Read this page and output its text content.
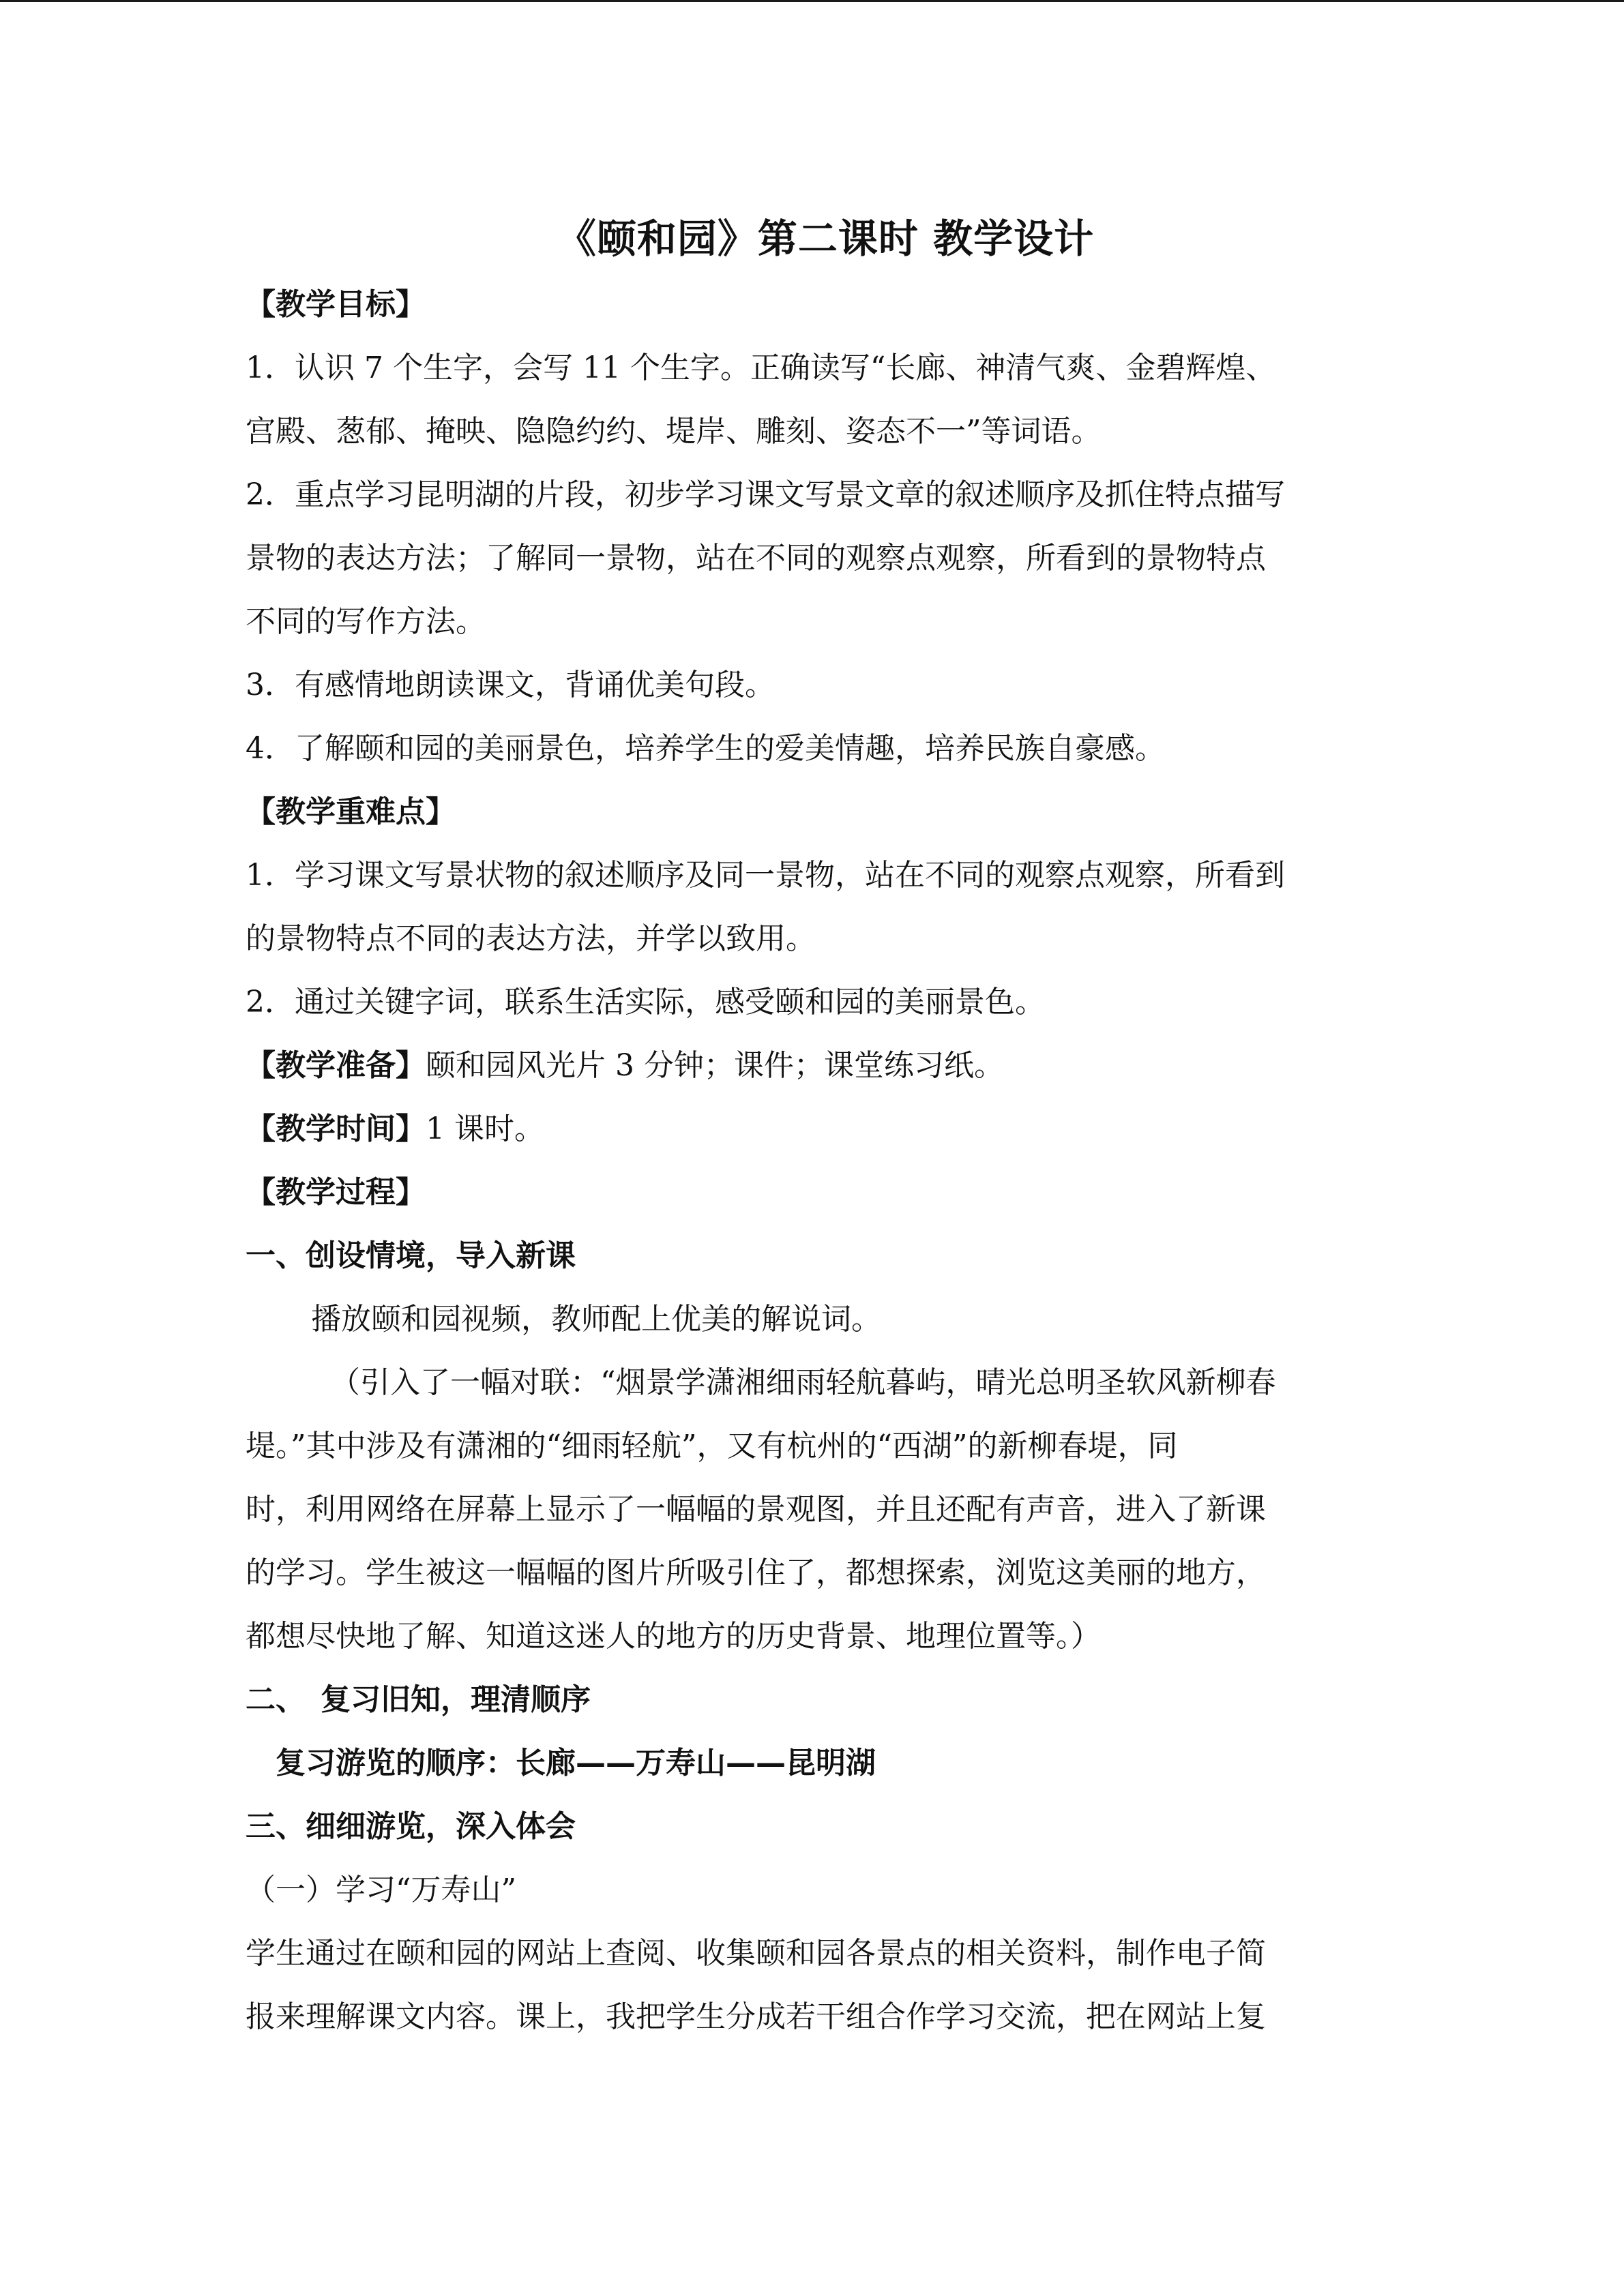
《颐和园》第二课时 教学设计
【教学目标】
1．认识 7 个生字，会写 11 个生字。正确读写“长廊、神清气爽、金碧辉煌、
宫殿、葱郁、掩映、隐隐约约、堤岸、雕刻、姿态不一”等词语。
2．重点学习昆明湖的片段，初步学习课文写景文章的叙述顺序及抓住特点描写
景物的表达方法；了解同一景物，站在不同的观察点观察，所看到的景物特点
不同的写作方法。
3．有感情地朗读课文，背诵优美句段。
4．了解颐和园的美丽景色，培养学生的爱美情趣，培养民族自豪感。
【教学重难点】
1．学习课文写景状物的叙述顺序及同一景物，站在不同的观察点观察，所看到
的景物特点不同的表达方法，并学以致用。
2．通过关键字词，联系生活实际，感受颐和园的美丽景色。
【教学准备】颐和园风光片 3 分钟；课件；课堂练习纸。
【教学时间】1 课时。
【教学过程】
一、创设情境，导入新课
播放颐和园视频，教师配上优美的解说词。
（引入了一幅对联：“烟景学潇湘细雨轻航暮屿，晴光总明圣软风新柳春
堤。”其中涉及有潇湘的“细雨轻航”，又有杭州的“西湖”的新柳春堤，同
时，利用网络在屏幕上显示了一幅幅的景观图，并且还配有声音，进入了新课
的学习。学生被这一幅幅的图片所吸引住了，都想探索，浏览这美丽的地方，
都想尽快地了解、知道这迷人的地方的历史背景、地理位置等。）
二、　复习旧知，理清顺序
复习游览的顺序：长廊——万寿山——昆明湖
三、细细游览，深入体会
（一）学习“万寿山”
学生通过在颐和园的网站上查阅、收集颐和园各景点的相关资料，制作电子简
报来理解课文内容。课上，我把学生分成若干组合作学习交流，把在网站上复
